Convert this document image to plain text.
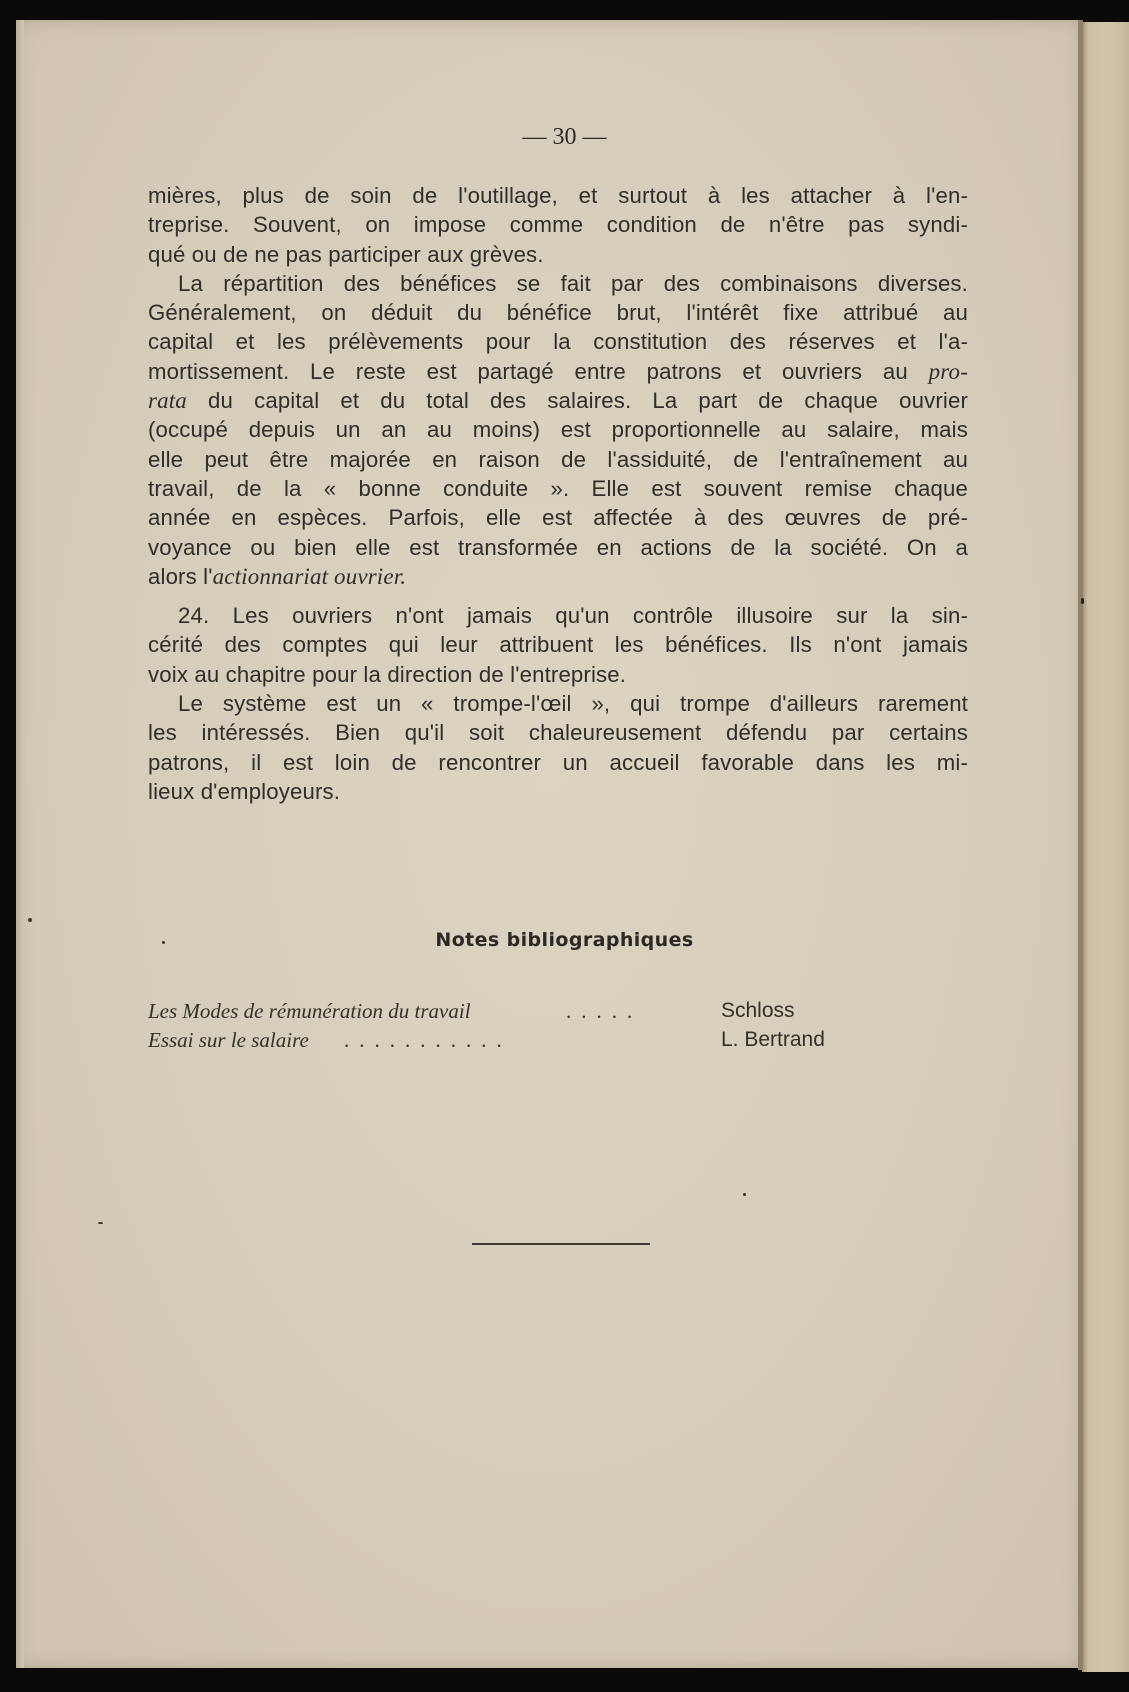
— 30 —
mières, plus de soin de l'outillage, et surtout à les attacher à l'en-
treprise. Souvent, on impose comme condition de n'être pas syndi-
qué ou de ne pas participer aux grèves.
La répartition des bénéfices se fait par des combinaisons diverses.
Généralement, on déduit du bénéfice brut, l'intérêt fixe attribué au
capital et les prélèvements pour la constitution des réserves et l'a-
mortissement. Le reste est partagé entre patrons et ouvriers au pro-
rata du capital et du total des salaires. La part de chaque ouvrier
(occupé depuis un an au moins) est proportionnelle au salaire, mais
elle peut être majorée en raison de l'assiduité, de l'entraînement au
travail, de la « bonne conduite ». Elle est souvent remise chaque
année en espèces. Parfois, elle est affectée à des œuvres de pré-
voyance ou bien elle est transformée en actions de la société. On a
alors l'actionnariat ouvrier.
24. Les ouvriers n'ont jamais qu'un contrôle illusoire sur la sin-
cérité des comptes qui leur attribuent les bénéfices. Ils n'ont jamais
voix au chapitre pour la direction de l'entreprise.
Le système est un « trompe-l'œil », qui trompe d'ailleurs rarement
les intéressés. Bien qu'il soit chaleureusement défendu par certains
patrons, il est loin de rencontrer un accueil favorable dans les mi-
lieux d'employeurs.
Notes bibliographiques
Les Modes de rémunération du travail	.....	Schloss
Essai sur le salaire ...........	L. Bertrand
